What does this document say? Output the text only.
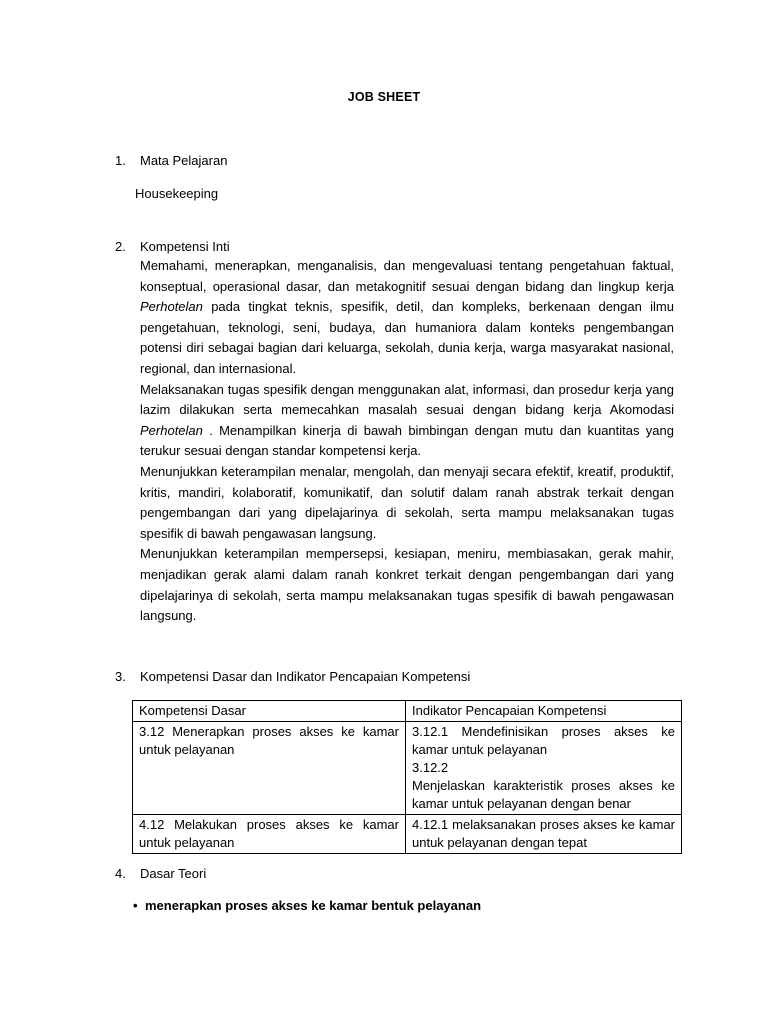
JOB SHEET
1. Mata Pelajaran
Housekeeping
2. Kompetensi Inti

Memahami, menerapkan, menganalisis, dan mengevaluasi tentang pengetahuan faktual, konseptual, operasional dasar, dan metakognitif sesuai dengan bidang dan lingkup kerja Perhotelan pada tingkat teknis, spesifik, detil, dan kompleks, berkenaan dengan ilmu pengetahuan, teknologi, seni, budaya, dan humaniora dalam konteks pengembangan potensi diri sebagai bagian dari keluarga, sekolah, dunia kerja, warga masyarakat nasional, regional, dan internasional.

Melaksanakan tugas spesifik dengan menggunakan alat, informasi, dan prosedur kerja yang lazim dilakukan serta memecahkan masalah sesuai dengan bidang kerja Akomodasi Perhotelan . Menampilkan kinerja di bawah bimbingan dengan mutu dan kuantitas yang terukur sesuai dengan standar kompetensi kerja.

Menunjukkan keterampilan menalar, mengolah, dan menyaji secara efektif, kreatif, produktif, kritis, mandiri, kolaboratif, komunikatif, dan solutif dalam ranah abstrak terkait dengan pengembangan dari yang dipelajarinya di sekolah, serta mampu melaksanakan tugas spesifik di bawah pengawasan langsung.

Menunjukkan keterampilan mempersepsi, kesiapan, meniru, membiasakan, gerak mahir, menjadikan gerak alami dalam ranah konkret terkait dengan pengembangan dari yang dipelajarinya di sekolah, serta mampu melaksanakan tugas spesifik di bawah pengawasan langsung.

3. Kompetensi Dasar dan Indikator Pencapaian Kompetensi
Kompetensi Dasar	Indikator Pencapaian Kompetensi
3.12 Menerapkan proses akses ke kamar untuk pelayanan	3.12.1 Mendefinisikan proses akses ke kamar untuk pelayanan
3.12.2
Menjelaskan karakteristik proses akses ke kamar untuk pelayanan dengan benar

4.12 Melakukan proses akses ke kamar untuk pelayanan	4.12.1 melaksanakan proses akses ke kamar untuk pelayanan dengan tepat
4. Dasar Teori
• menerapkan proses akses ke kamar bentuk pelayanan
